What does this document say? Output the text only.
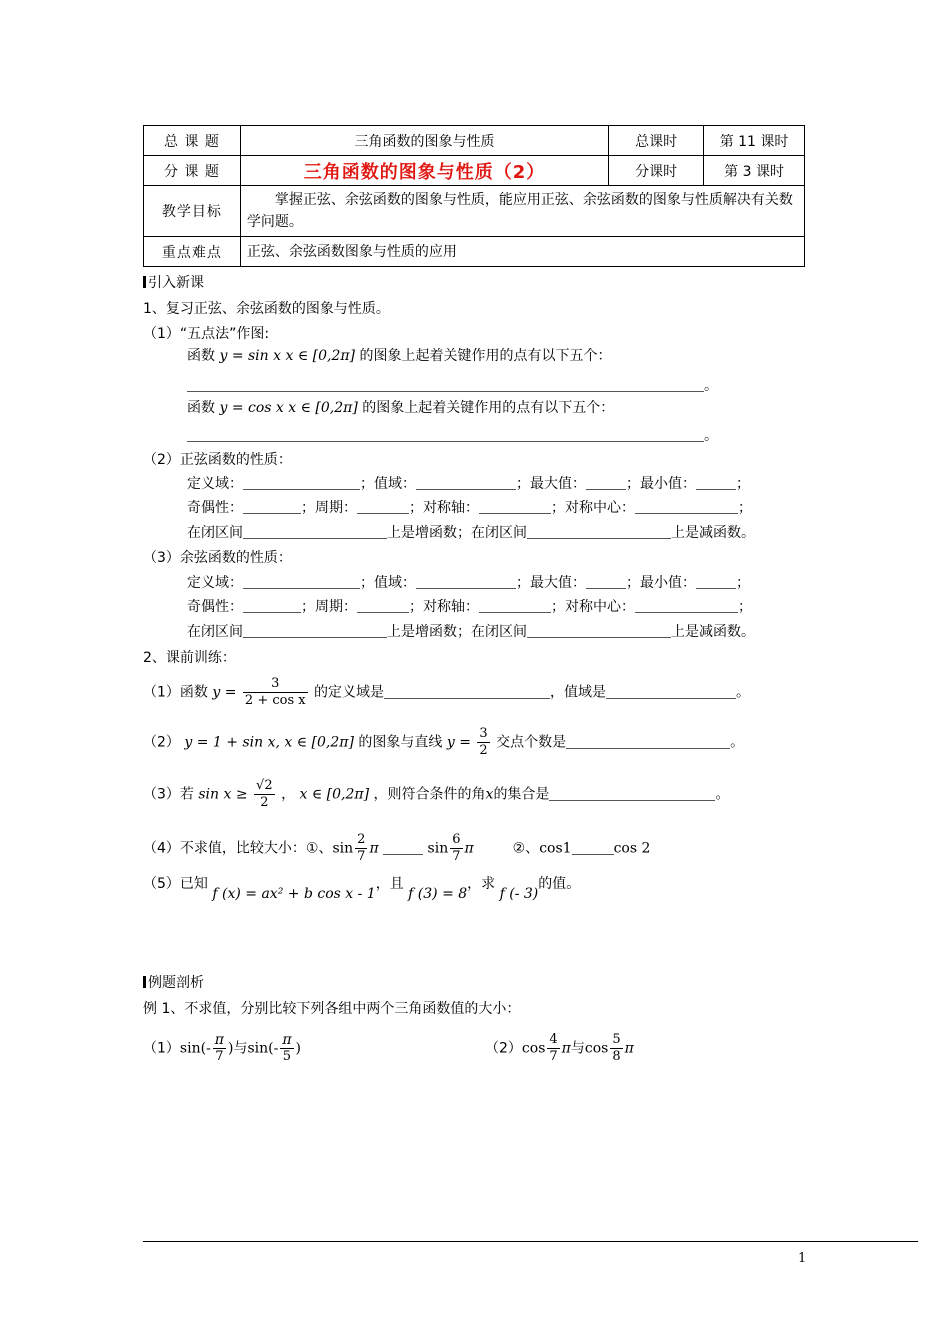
总 课 题	三角函数的图象与性质	总课时	第 11 课时
分 课 题	三角函数的图象与性质（2）	分课时	第 3 课时
教学目标	掌握正弦、余弦函数的图象与性质，能应用正弦、余弦函数的图象与性质解决有关数学问题。		
重点难点	正弦、余弦函数图象与性质的应用		
引入新课
1、复习正弦、余弦函数的图象与性质。
（1）“五点法”作图:
函数 y = sin x x ∈ [0,2π] 的图象上起着关键作用的点有以下五个：
。
函数 y = cos x x ∈ [0,2π] 的图象上起着关键作用的点有以下五个：
。
（2）正弦函数的性质：
定义域：	；值域：	；最大值：	；最小值：	；
奇偶性：	；周期：	；对称轴：	；对称中心：	；
在闭区间	上是增函数；在闭区间	上是减函数。
（3）余弦函数的性质：
定义域：	；值域：	；最大值：	；最小值：	；
奇偶性：	；周期：	；对称轴：	；对称中心：	；
在闭区间	上是增函数；在闭区间	上是减函数。
2、课前训练：
（1）函数 $y = \frac{3}{\text{2 + cos x}}$ 的定义域是	，值域是	。
（2） y = 1 + sin x, x ∈ [0,2π] 的图象与直线 $y = \frac{3}{2}$ 交点个数是	。
（3）若 $\sin x \ge \frac{√2}{2}$ ， x ∈ [0,2π] ，则符合条件的角x的集合是	。
（4）不求值，比较大小：①、$\sin \frac{2}{7}$ π	$\sin \frac{6}{7}$ π	②、cos1	cos 2
（5）已知 f (x) = ax² + b cos x - 1，且 f (3) = 8，求 f (- 3)的值。
例题剖析
例 1、不求值，分别比较下列各组中两个三角函数值的大小：
$(1)\sin(- \frac{\pi}{7}$ )与$\sin(- \frac{\pi}{5}$ )	$(2)\cos \frac{4}{7}$ π与$\cos \frac{5}{8}$ π
1
